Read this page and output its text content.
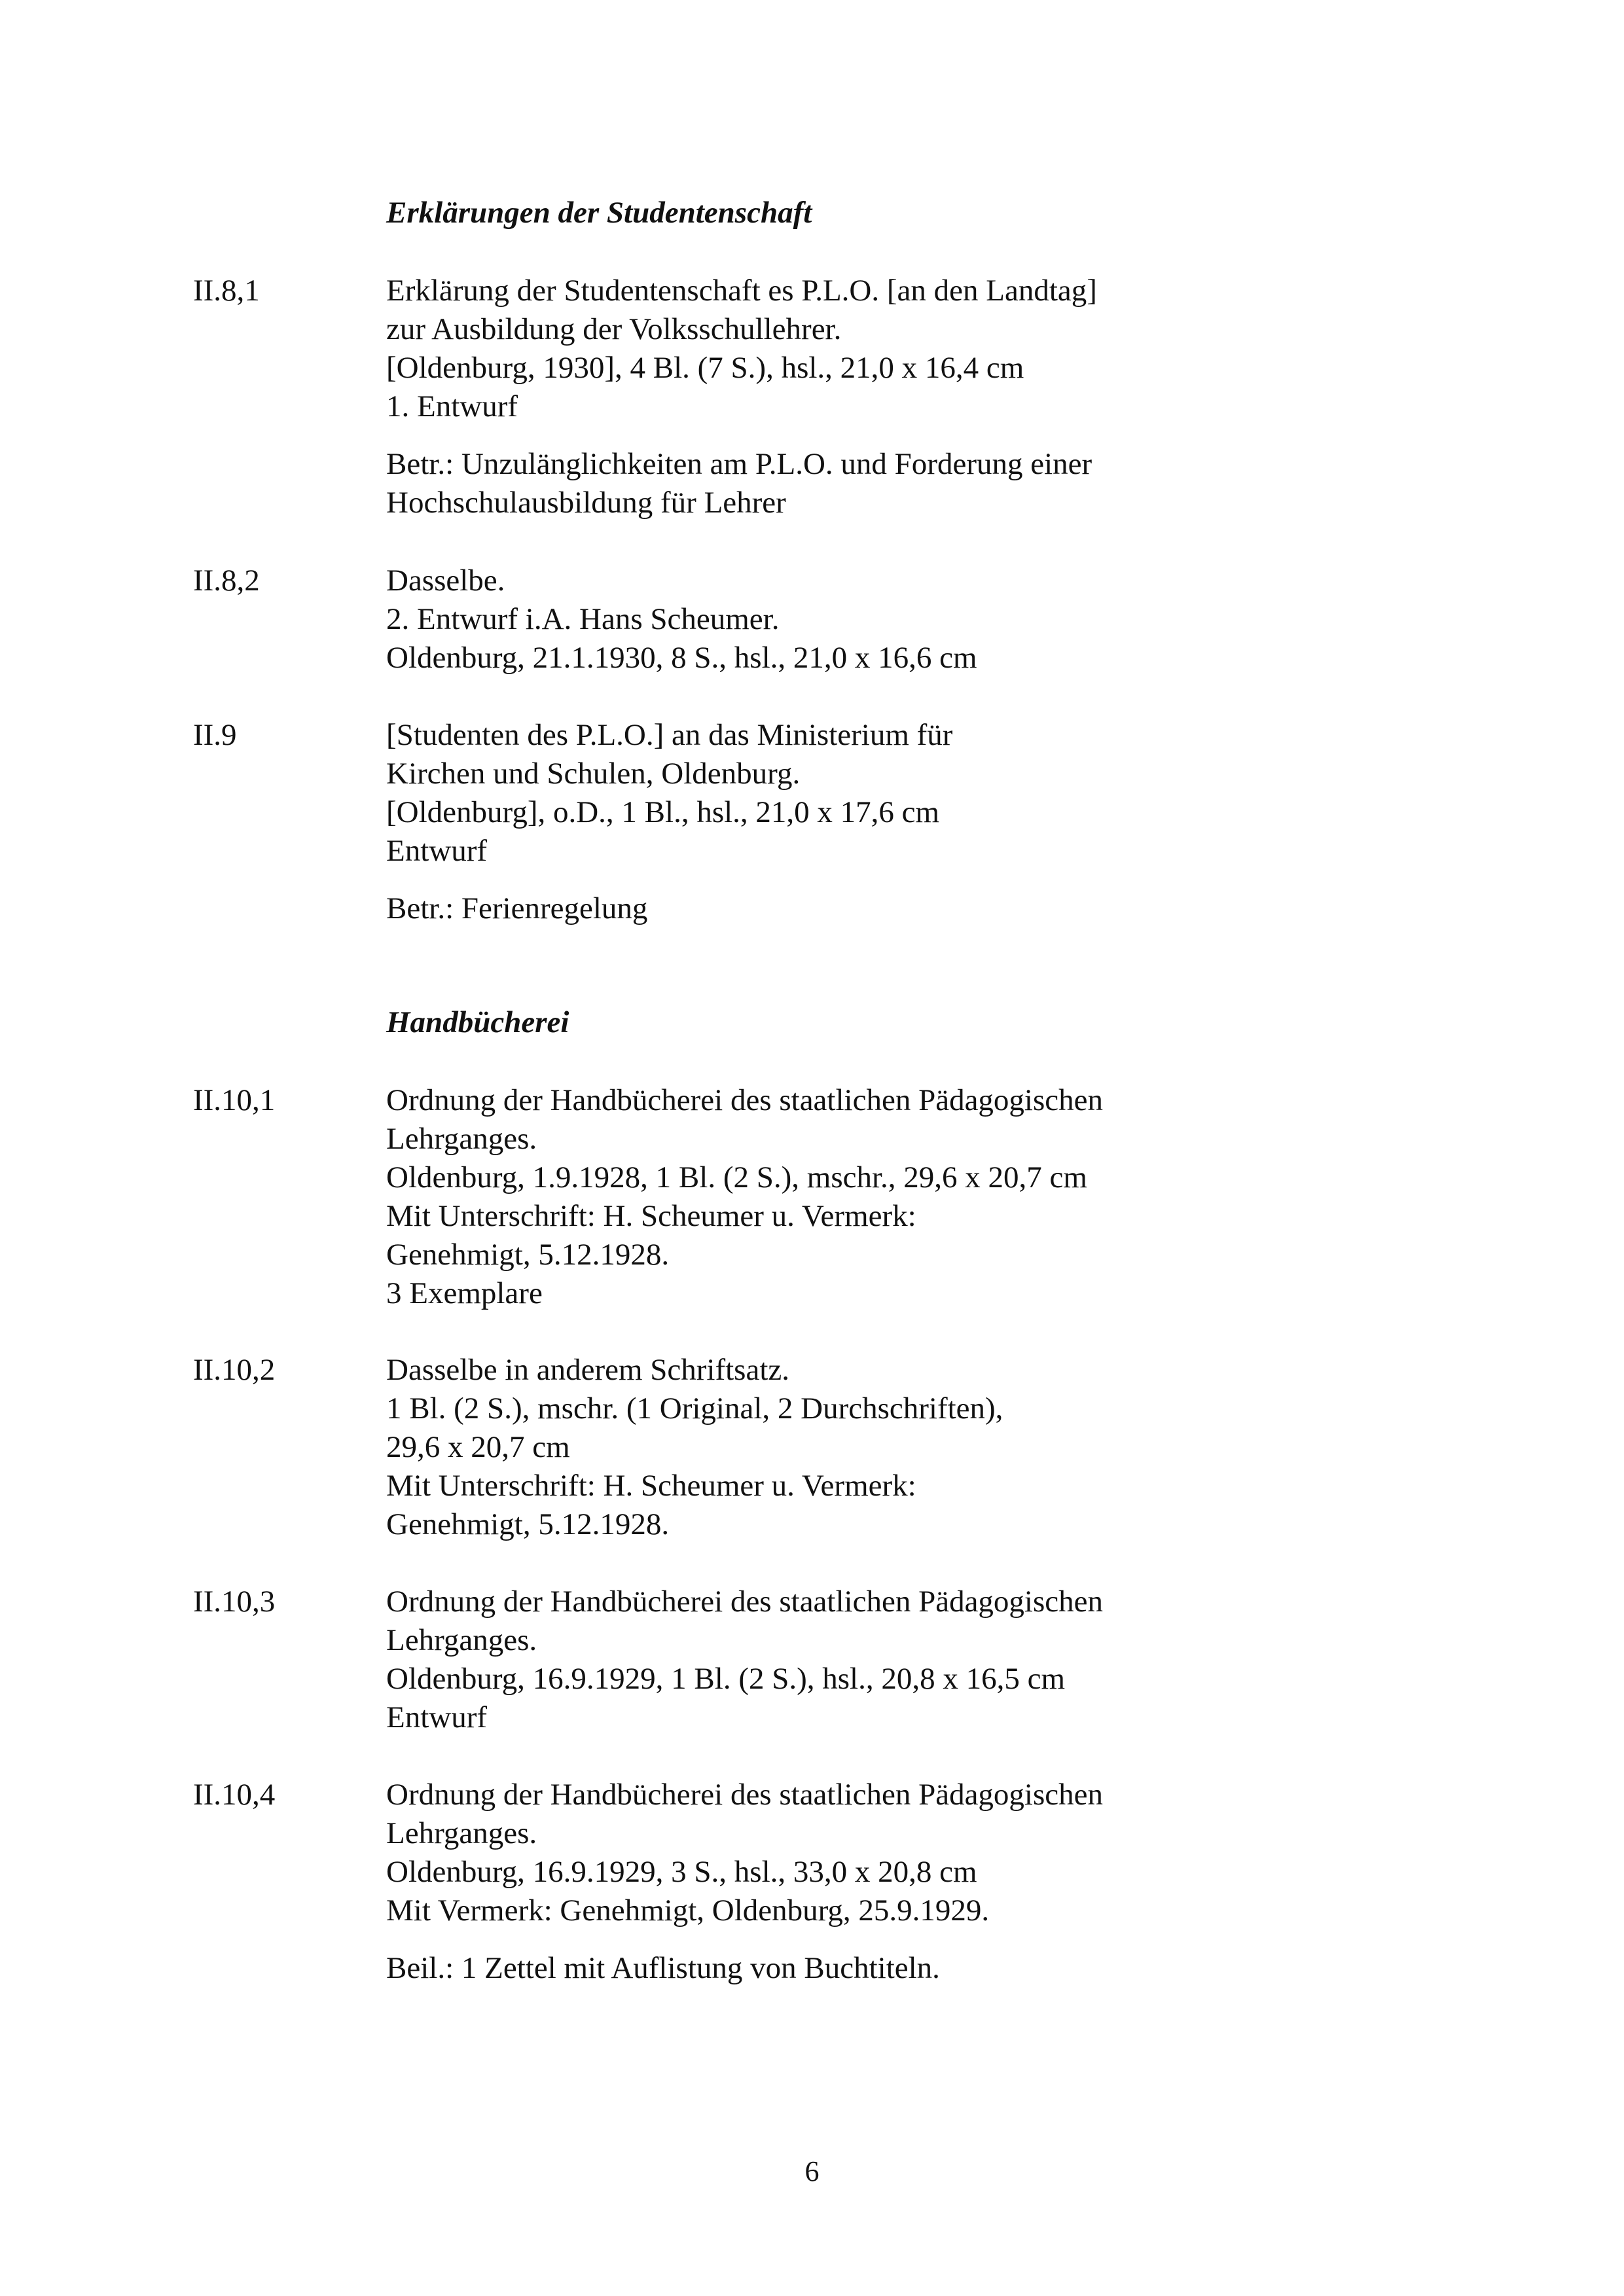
Erklärungen der Studentenschaft
II.8,1	Erklärung der Studentenschaft es P.L.O. [an den Landtag]
zur Ausbildung der Volksschullehrer.
[Oldenburg, 1930], 4 Bl. (7 S.), hsl., 21,0 x 16,4 cm
1. Entwurf
Betr.: Unzulänglichkeiten am P.L.O. und Forderung einer
Hochschulausbildung für Lehrer
II.8,2	Dasselbe.
2. Entwurf i.A. Hans Scheumer.
Oldenburg, 21.1.1930, 8 S., hsl., 21,0 x 16,6 cm
II.9	[Studenten des P.L.O.] an das Ministerium für
Kirchen und Schulen, Oldenburg.
[Oldenburg], o.D., 1 Bl., hsl., 21,0 x 17,6 cm
Entwurf
Betr.: Ferienregelung
Handbücherei
II.10,1	Ordnung der Handbücherei des staatlichen Pädagogischen
Lehrganges.
Oldenburg, 1.9.1928, 1 Bl. (2 S.), mschr., 29,6 x 20,7 cm
Mit Unterschrift: H. Scheumer u. Vermerk:
Genehmigt, 5.12.1928.
3 Exemplare
II.10,2	Dasselbe in anderem Schriftsatz.
1 Bl. (2 S.), mschr. (1 Original, 2 Durchschriften),
29,6 x 20,7 cm
Mit Unterschrift: H. Scheumer u. Vermerk:
Genehmigt, 5.12.1928.
II.10,3	Ordnung der Handbücherei des staatlichen Pädagogischen
Lehrganges.
Oldenburg, 16.9.1929, 1 Bl. (2 S.), hsl., 20,8 x 16,5 cm
Entwurf
II.10,4	Ordnung der Handbücherei des staatlichen Pädagogischen
Lehrganges.
Oldenburg, 16.9.1929, 3 S., hsl., 33,0 x 20,8 cm
Mit Vermerk: Genehmigt, Oldenburg, 25.9.1929.
Beil.: 1 Zettel mit Auflistung von Buchtiteln.
6
